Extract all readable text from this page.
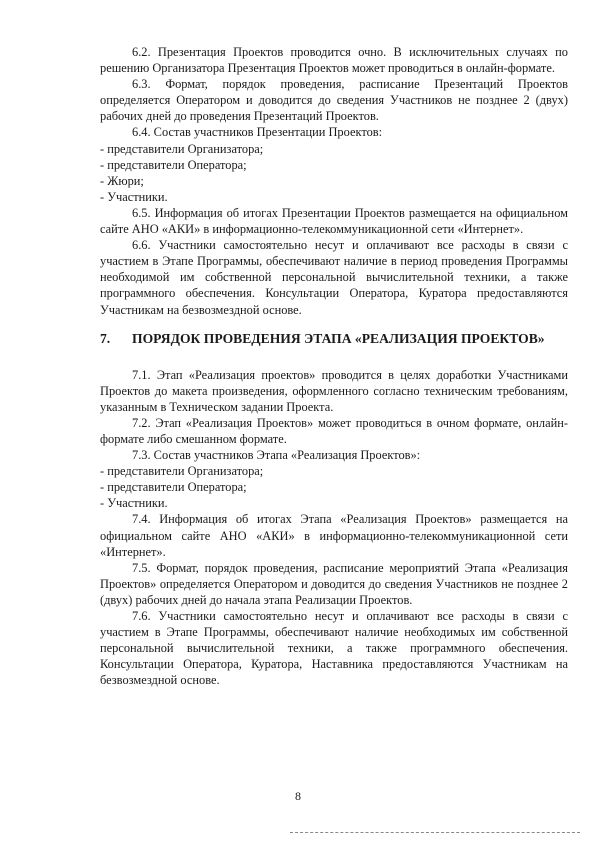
6.2. Презентация Проектов проводится очно. В исключительных случаях по решению Организатора Презентация Проектов может проводиться в онлайн-формате.

6.3. Формат, порядок проведения, расписание Презентаций Проектов определяется Оператором и доводится до сведения Участников не позднее 2 (двух) рабочих дней до проведения Презентаций Проектов.

6.4. Состав участников Презентации Проектов:

- представители Организатора;

- представители Оператора;

- Жюри;

- Участники.

6.5. Информация об итогах Презентации Проектов размещается на официальном сайте АНО «АКИ» в информационно-телекоммуникационной сети «Интернет».

6.6. Участники самостоятельно несут и оплачивают все расходы в связи с участием в Этапе Программы, обеспечивают наличие в период проведения Программы необходимой им собственной персональной вычислительной техники, а также программного обеспечения. Консультации Оператора, Куратора предоставляются Участникам на безвозмездной основе.

7. ПОРЯДОК ПРОВЕДЕНИЯ ЭТАПА «РЕАЛИЗАЦИЯ ПРОЕКТОВ»

7.1. Этап «Реализация проектов» проводится в целях доработки Участниками Проектов до макета произведения, оформленного согласно техническим требованиям, указанным в Техническом задании Проекта.

7.2. Этап «Реализация Проектов» может проводиться в очном формате, онлайн-формате либо смешанном формате.

7.3. Состав участников Этапа «Реализация Проектов»:

- представители Организатора;

- представители Оператора;

- Участники.

7.4. Информация об итогах Этапа «Реализация Проектов» размещается на официальном сайте АНО «АКИ» в информационно-телекоммуникационной сети «Интернет».

7.5. Формат, порядок проведения, расписание мероприятий Этапа «Реализация Проектов» определяется Оператором и доводится до сведения Участников не позднее 2 (двух) рабочих дней до начала этапа Реализации Проектов.

7.6. Участники самостоятельно несут и оплачивают все расходы в связи с участием в Этапе Программы, обеспечивают наличие необходимых им собственной персональной вычислительной техники, а также программного обеспечения. Консультации Оператора, Куратора, Наставника предоставляются Участникам на безвозмездной основе.

8
